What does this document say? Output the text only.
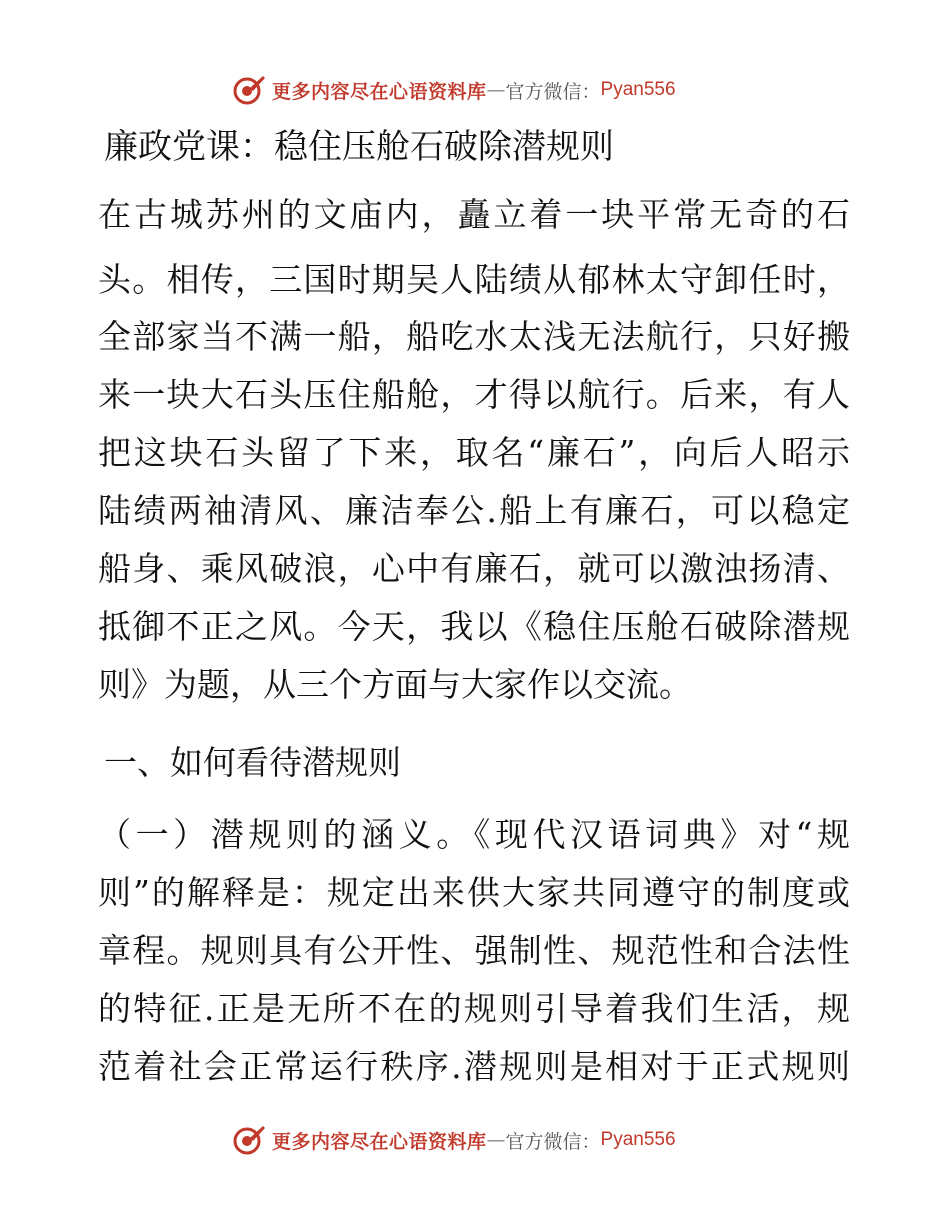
更多内容尽在心语资料库 — 官方微信： Pyan556
廉政党课：稳住压舱石破除潜规则
在古城苏州的文庙内，矗立着一块平常无奇的石
头。相传，三国时期吴人陆绩从郁林太守卸任时，
全部家当不满一船，船吃水太浅无法航行，只好搬
来一块大石头压住船舱，才得以航行。后来，有人
把这块石头留了下来，取名“廉石”，向后人昭示
陆绩两袖清风、廉洁奉公.船上有廉石，可以稳定
船身、乘风破浪，心中有廉石，就可以激浊扬清、
抵御不正之风。今天，我以《稳住压舱石破除潜规
则》为题，从三个方面与大家作以交流。
一、如何看待潜规则
（一）潜规则的涵义。《现代汉语词典》对“规
则”的解释是：规定出来供大家共同遵守的制度或
章程。规则具有公开性、强制性、规范性和合法性
的特征.正是无所不在的规则引导着我们生活，规
范着社会正常运行秩序.潜规则是相对于正式规则
更多内容尽在心语资料库 — 官方微信： Pyan556
